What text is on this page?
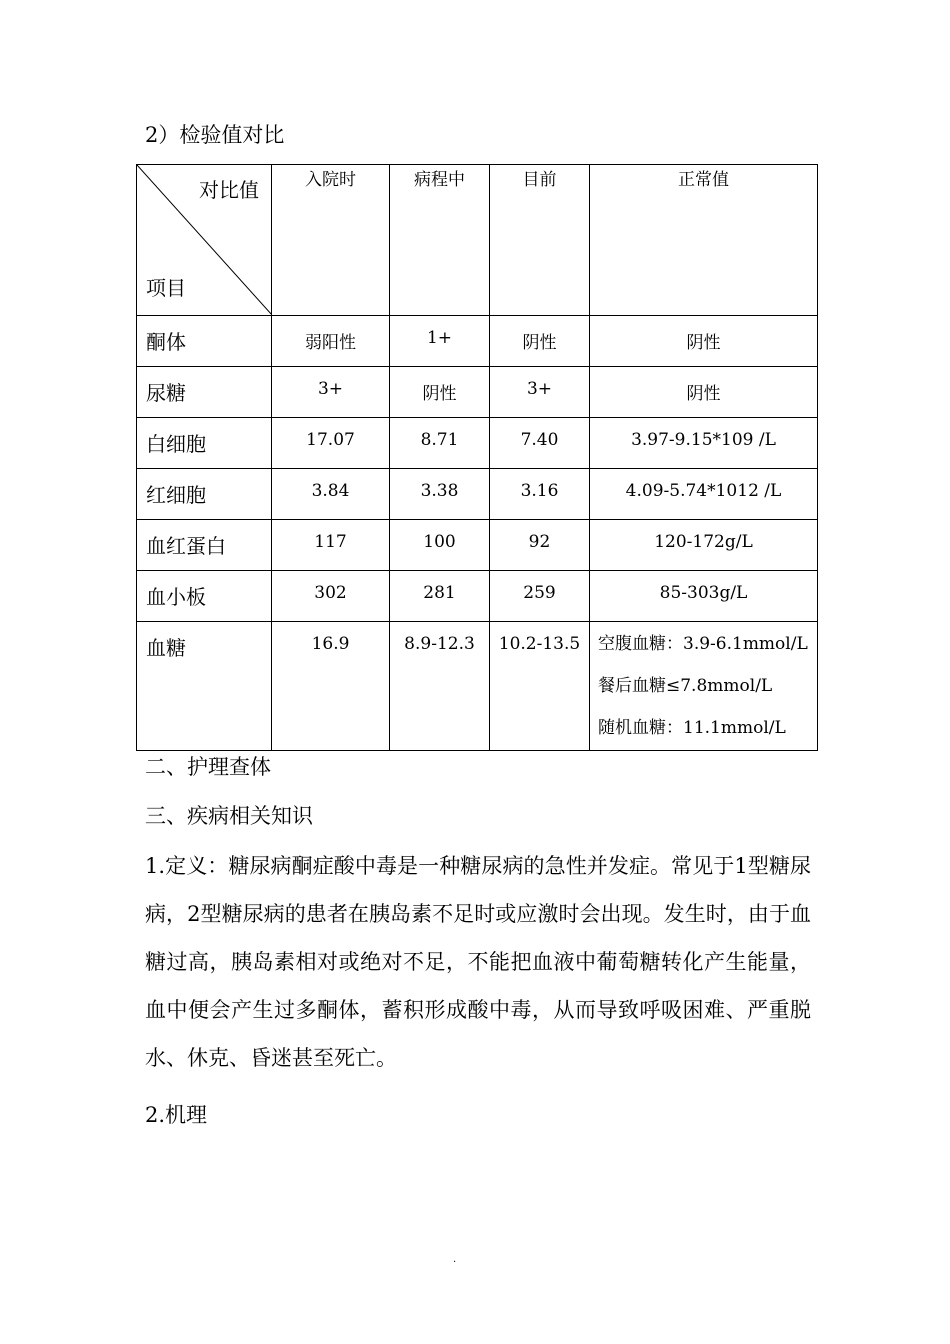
2）检验值对比
对比值
项目	入院时	病程中	目前	正常值
酮体	弱阳性	1+	阴性	阴性
尿糖	3+	阴性	3+	阴性
白细胞	17.07	8.71	7.40	3.97-9.15*109 /L
红细胞	3.84	3.38	3.16	4.09-5.74*1012 /L
血红蛋白	117	100	92	120-172g/L
血小板	302	281	259	85-303g/L
血糖	16.9	8.9-12.3	10.2-13.5	空腹血糖：3.9-6.1mmol/L
餐后血糖≤7.8mmol/L
随机血糖：11.1mmol/L
二、护理查体
三、疾病相关知识

1.定义：糖尿病酮症酸中毒是一种糖尿病的急性并发症。常见于1型糖尿病，2型糖尿病的患者在胰岛素不足时或应激时会出现。发生时，由于血糖过高，胰岛素相对或绝对不足，不能把血液中葡萄糖转化产生能量，血中便会产生过多酮体，蓄积形成酸中毒，从而导致呼吸困难、严重脱水、休克、昏迷甚至死亡。

2.机理
.
